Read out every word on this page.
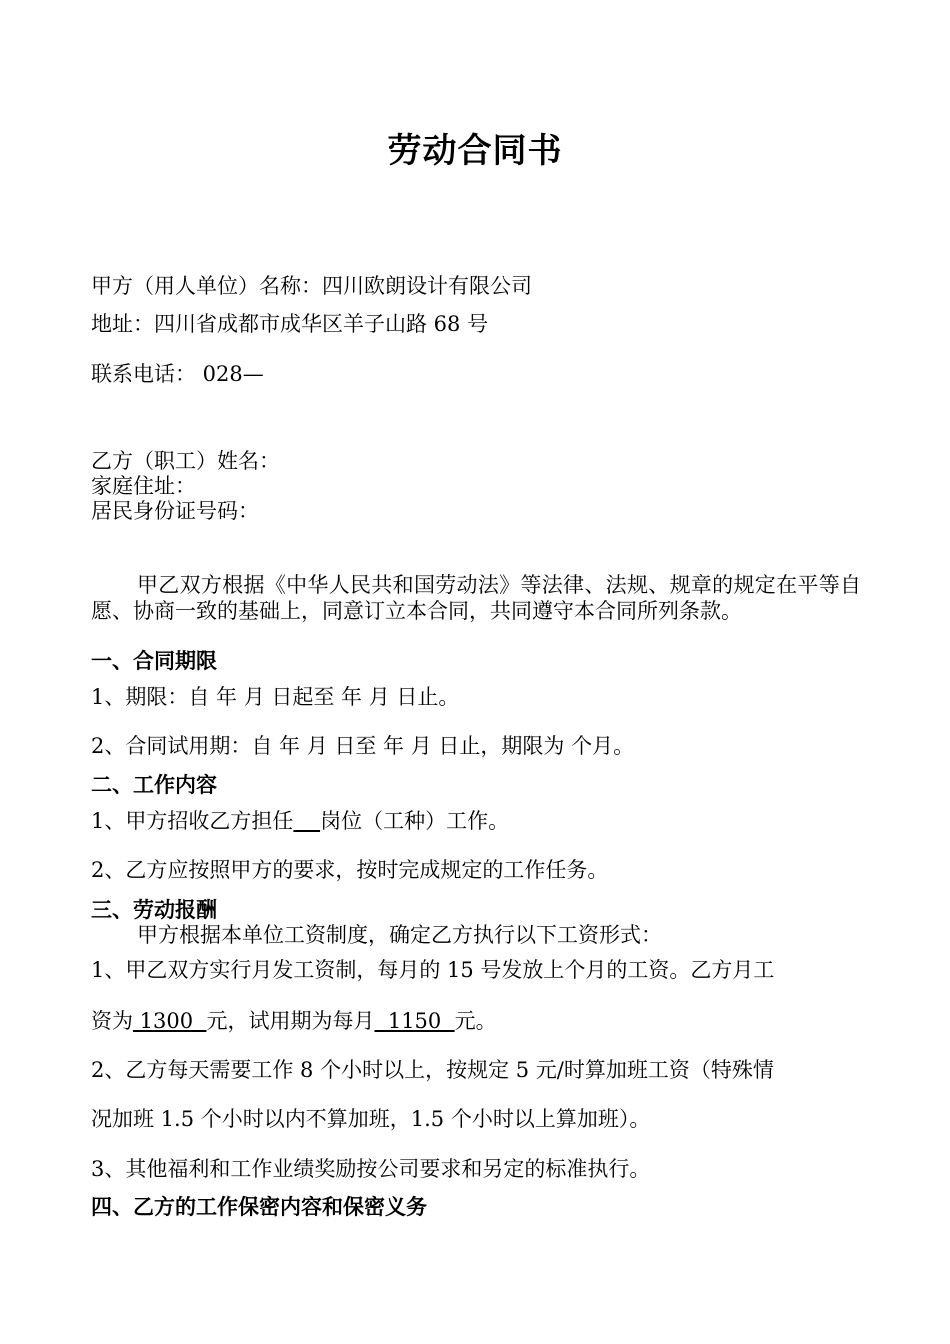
劳动合同书
甲方（用人单位）名称：四川欧朗设计有限公司
地址：四川省成都市成华区羊子山路 68 号
联系电话： 028—
乙方（职工）姓名：
家庭住址：
居民身份证号码：
甲乙双方根据《中华人民共和国劳动法》等法律、法规、规章的规定在平等自愿、协商一致的基础上，同意订立本合同，共同遵守本合同所列条款。
一、合同期限
1、期限：自 年 月 日起至 年 月 日止。
2、合同试用期：自 年 月 日至 年 月 日止，期限为 个月。
二、工作内容
1、甲方招收乙方担任 岗位（工种）工作。
2、乙方应按照甲方的要求，按时完成规定的工作任务。
三、劳动报酬
甲方根据本单位工资制度，确定乙方执行以下工资形式：
1、甲乙双方实行月发工资制，每月的 15 号发放上个月的工资。乙方月工
资为 1300  元，试用期为每月  1150  元。
2、乙方每天需要工作 8 个小时以上，按规定 5 元/时算加班工资（特殊情
况加班 1.5 个小时以内不算加班，1.5 个小时以上算加班）。
3、其他福利和工作业绩奖励按公司要求和另定的标准执行。
四、乙方的工作保密内容和保密义务
